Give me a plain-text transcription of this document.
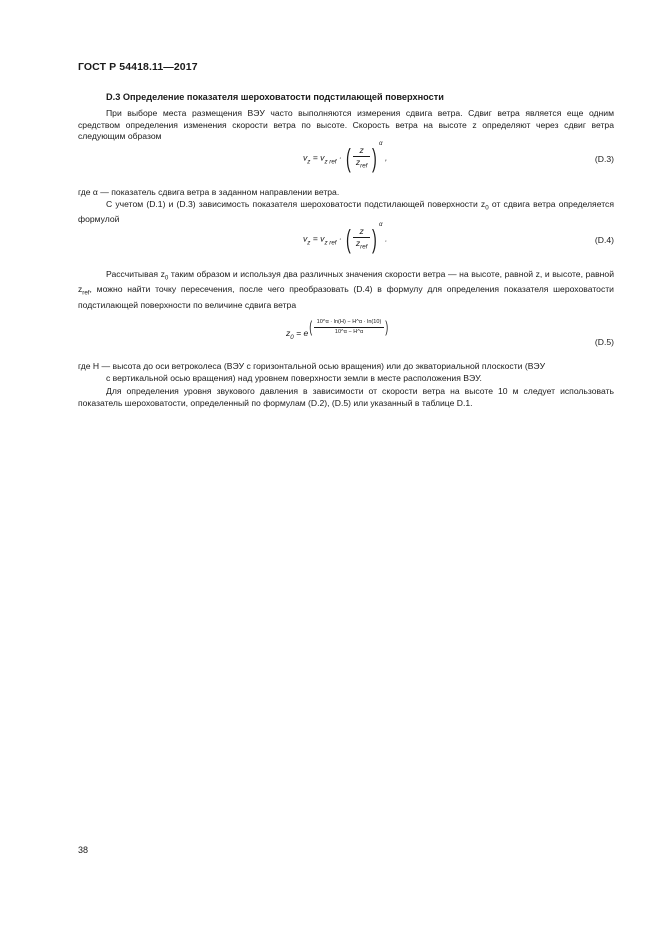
ГОСТ Р 54418.11—2017
D.3 Определение показателя шероховатости подстилающей поверхности
При выборе места размещения ВЭУ часто выполняются измерения сдвига ветра. Сдвиг ветра является еще одним средством определения изменения скорости ветра по высоте. Скорость ветра на высоте z определяют через сдвиг ветра следующим образом
$v_z = v_{z ref}$ · ( $\frac{z}{z_{ref}} )^\alpha$ ,	(D.3)
где α — показатель сдвига ветра в заданном направлении ветра.
С учетом (D.1) и (D.3) зависимость показателя шероховатости подстилающей поверхности $z_0$ от сдвига ветра определяется формулой
$v_z = v_{z ref}$ · ( $\frac{z}{z_{ref}} )^\alpha$ .	(D.4)
Рассчитывая $z_0$ таким образом и используя два различных значения скорости ветра — на высоте, равной z, и высоте, равной $z_{ref}$, можно найти точку пересечения, после чего преобразовать (D.4) в формулу для определения показателя шероховатости подстилающей поверхности по величине сдвига ветра
$z_0 = e( \frac{10\^{}\alpha \cdot \ln(H) - H\^{}\alpha \cdot \ln(10)}{10\^{}\alpha - H\^{}\alpha}$ )
(D.5)
где H — высота до оси ветроколеса (ВЭУ с горизонтальной осью вращения) или до экваториальной плоскости (ВЭУ
с вертикальной осью вращения) над уровнем поверхности земли в месте расположения ВЭУ.
Для определения уровня звукового давления в зависимости от скорости ветра на высоте 10 м следует использовать показатель шероховатости, определенный по формулам (D.2), (D.5) или указанный в таблице D.1.
38
